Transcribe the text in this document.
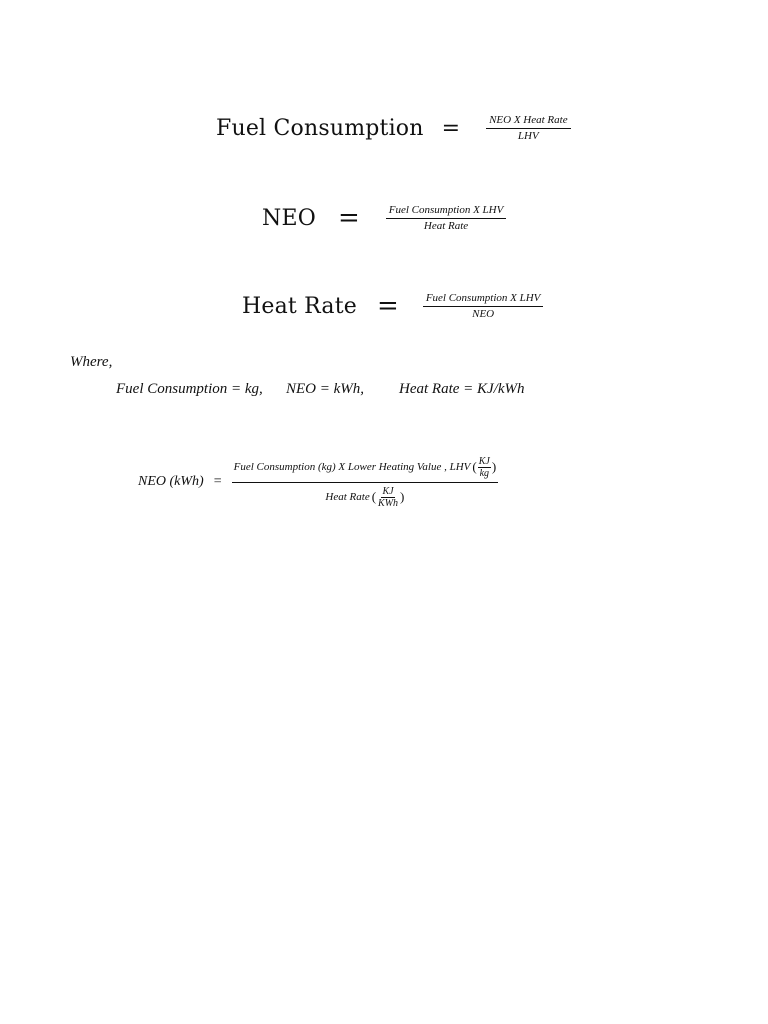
Fuel Consumption = $\frac{\text{NEO X Heat Rate}}{\text{LHV}}$
NEO = $\frac{\text{Fuel Consumption X LHV}}{\text{Heat Rate}}$
Heat Rate = $\frac{\text{Fuel Consumption X LHV}}{\text{NEO}}$
Where,
Fuel Consumption = kg, NEO = kWh, Heat Rate = KJ/kWh
NEO (kWh) =
Fuel Consumption (kg) X Lower Heating Value , LHV ( KJ
kg )
Heat Rate ( KJ
KWh )
